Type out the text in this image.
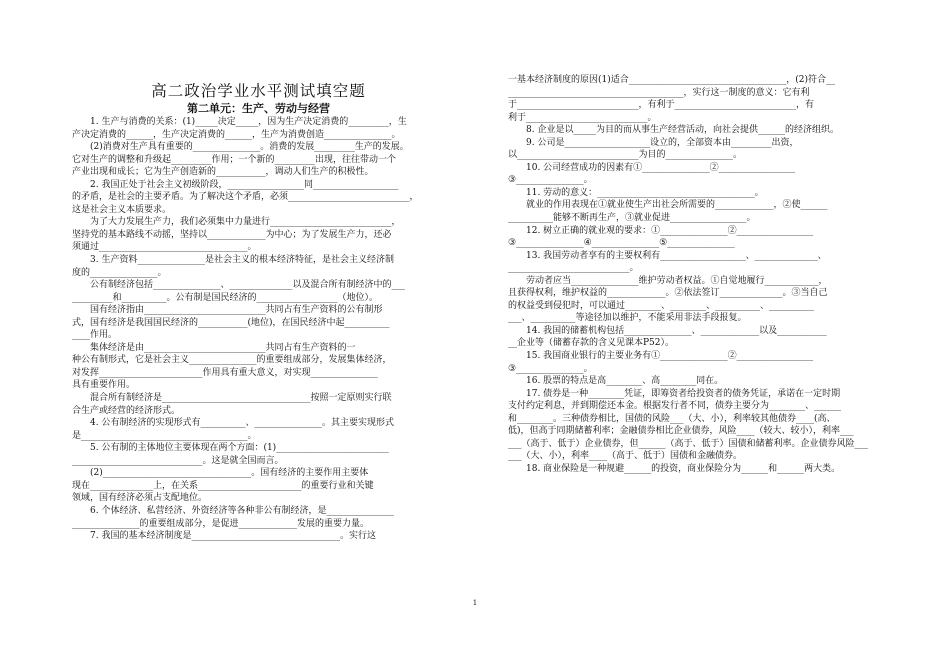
高二政治学业水平测试填空题
第二单元：生产、劳动与经营
　　1. 生产与消费的关系：(1)_____决定_____，因为生产决定消费的_________，生
产决定消费的______，生产决定消费的______，生产为消费创造_______________。
　　(2)消费对生产具有重要的_______________。消费的发展_________生产的发展。
它对生产的调整和升级起_________作用；一个新的_________出现，往往带动一个
产业出现和成长；它为生产创造新的___________，调动人们生产的积极性。
　　2. 我国正处于社会主义初级阶段，_________________同___________________
的矛盾，是社会的主要矛盾。为了解决这个矛盾，必须___________________________，
这是社会主义本质要求。
　　为了大力发展生产力，我们必须集中力量进行___________________________，
坚持党的基本路线不动摇，坚持以_____________为中心；为了发展生产力，还必
须通过_________________________________。
　　3. 生产资料_______________是社会主义的根本经济特征，是社会主义经济制
度的_______________。
　　公有制经济包括_______________、______________以及混合所有制经济中的___
_________和__________。公有制是国民经济的__________________（地位）。
　　国有经济指由___________________________共同占有生产资料的公有制形
式，国有经济是我国国民经济的___________(地位)，在国民经济中起__________
____作用。
　　集体经济是由___________________________共同占有生产资料的一
种公有制形式，它是社会主义_______________的重要组成部分，发展集体经济，
对发挥_______________________作用具有重大意义，对实现_______________
具有重要作用。
　　混合所有制经济是_________________________________按照一定原则实行联
合生产或经营的经济形式。
　　4. 公有制经济的实现形式有__________、_______________。其主要实现形式
是_____________________________________。
　　5. 公有制的主体地位主要体现在两个方面：(1)_________________________
_____________________________。这是就全国而言。
　　(2)_________________________________。国有经济的主要作用主要体
现在______________上，在关系_______________________的重要行业和关键
领域，国有经济必须占支配地位。
　　6. 个体经济、私营经济、外资经济等各种非公有制经济，是_______________
_______________的重要组成部分，是促进_____________发展的重要力量。
　　7. 我国的基本经济制度是_________________________________。实行这
一基本经济制度的原因(1)适合___________________________________，(2)符合__
_______________________________________，实行这一制度的意义：它有利
于___________________________，有利于___________________________，有
利于___________________________。
　　8. 企业是以_____为目的而从事生产经营活动，向社会提供______的经济组织。
　　9. 公司是___________________设立的，全部资本由_________出资，
以___________________________为目的_______________。
　　10. 公司经营成功的因素有①_______________②_________________
③_______________。
　　11. 劳动的意义：___________________________________。
　　就业的作用表现在①就业使生产出社会所需要的_____________，②使______
__________能够不断再生产，③就业促进_________________。
　　12. 树立正确的就业观的要求：①_______________②_________________
③_______________④_______________⑤_______________
　　13. 我国劳动者享有的主要权利有___________________、______________、
___________________________。
　　劳动者应当_______________维护劳动者权益。①自觉地履行____________，
且获得权利，维护权益的_____________。②依法签订______________。③当自己
的权益受到侵犯时，可以通过________、________、__________、__________
___、__________等途径加以维护，不能采用非法手段报复。
　　14. 我国的储蓄机构包括_______________、_____________以及___________
__企业等（储蓄存款的含义见课本P52）。
　　15. 我国商业银行的主要业务有①_______________②_________________
③_______________。
　　16. 股票的特点是高________、高________同在。
　　17. 债券是一种________凭证，即筹资者给投资者的债务凭证，承诺在一定时期
支付约定利息，并到期偿还本金。根据发行者不同，债券主要分为________、______
和________。三种债券相比，国债的风险___（大、小），利率较其他债券____(高、
低)，但高于同期储蓄利率；金融债券相比企业债券，风险____（较大、较小），利率___
___（高于、低于）企业债券，但______（高于、低于）国债和储蓄利率。企业债券风险___
___（大、小），利率____（高于、低于）国债和金融债券。
　　18. 商业保险是一种规避______的投资，商业保险分为______和______两大类。
1
